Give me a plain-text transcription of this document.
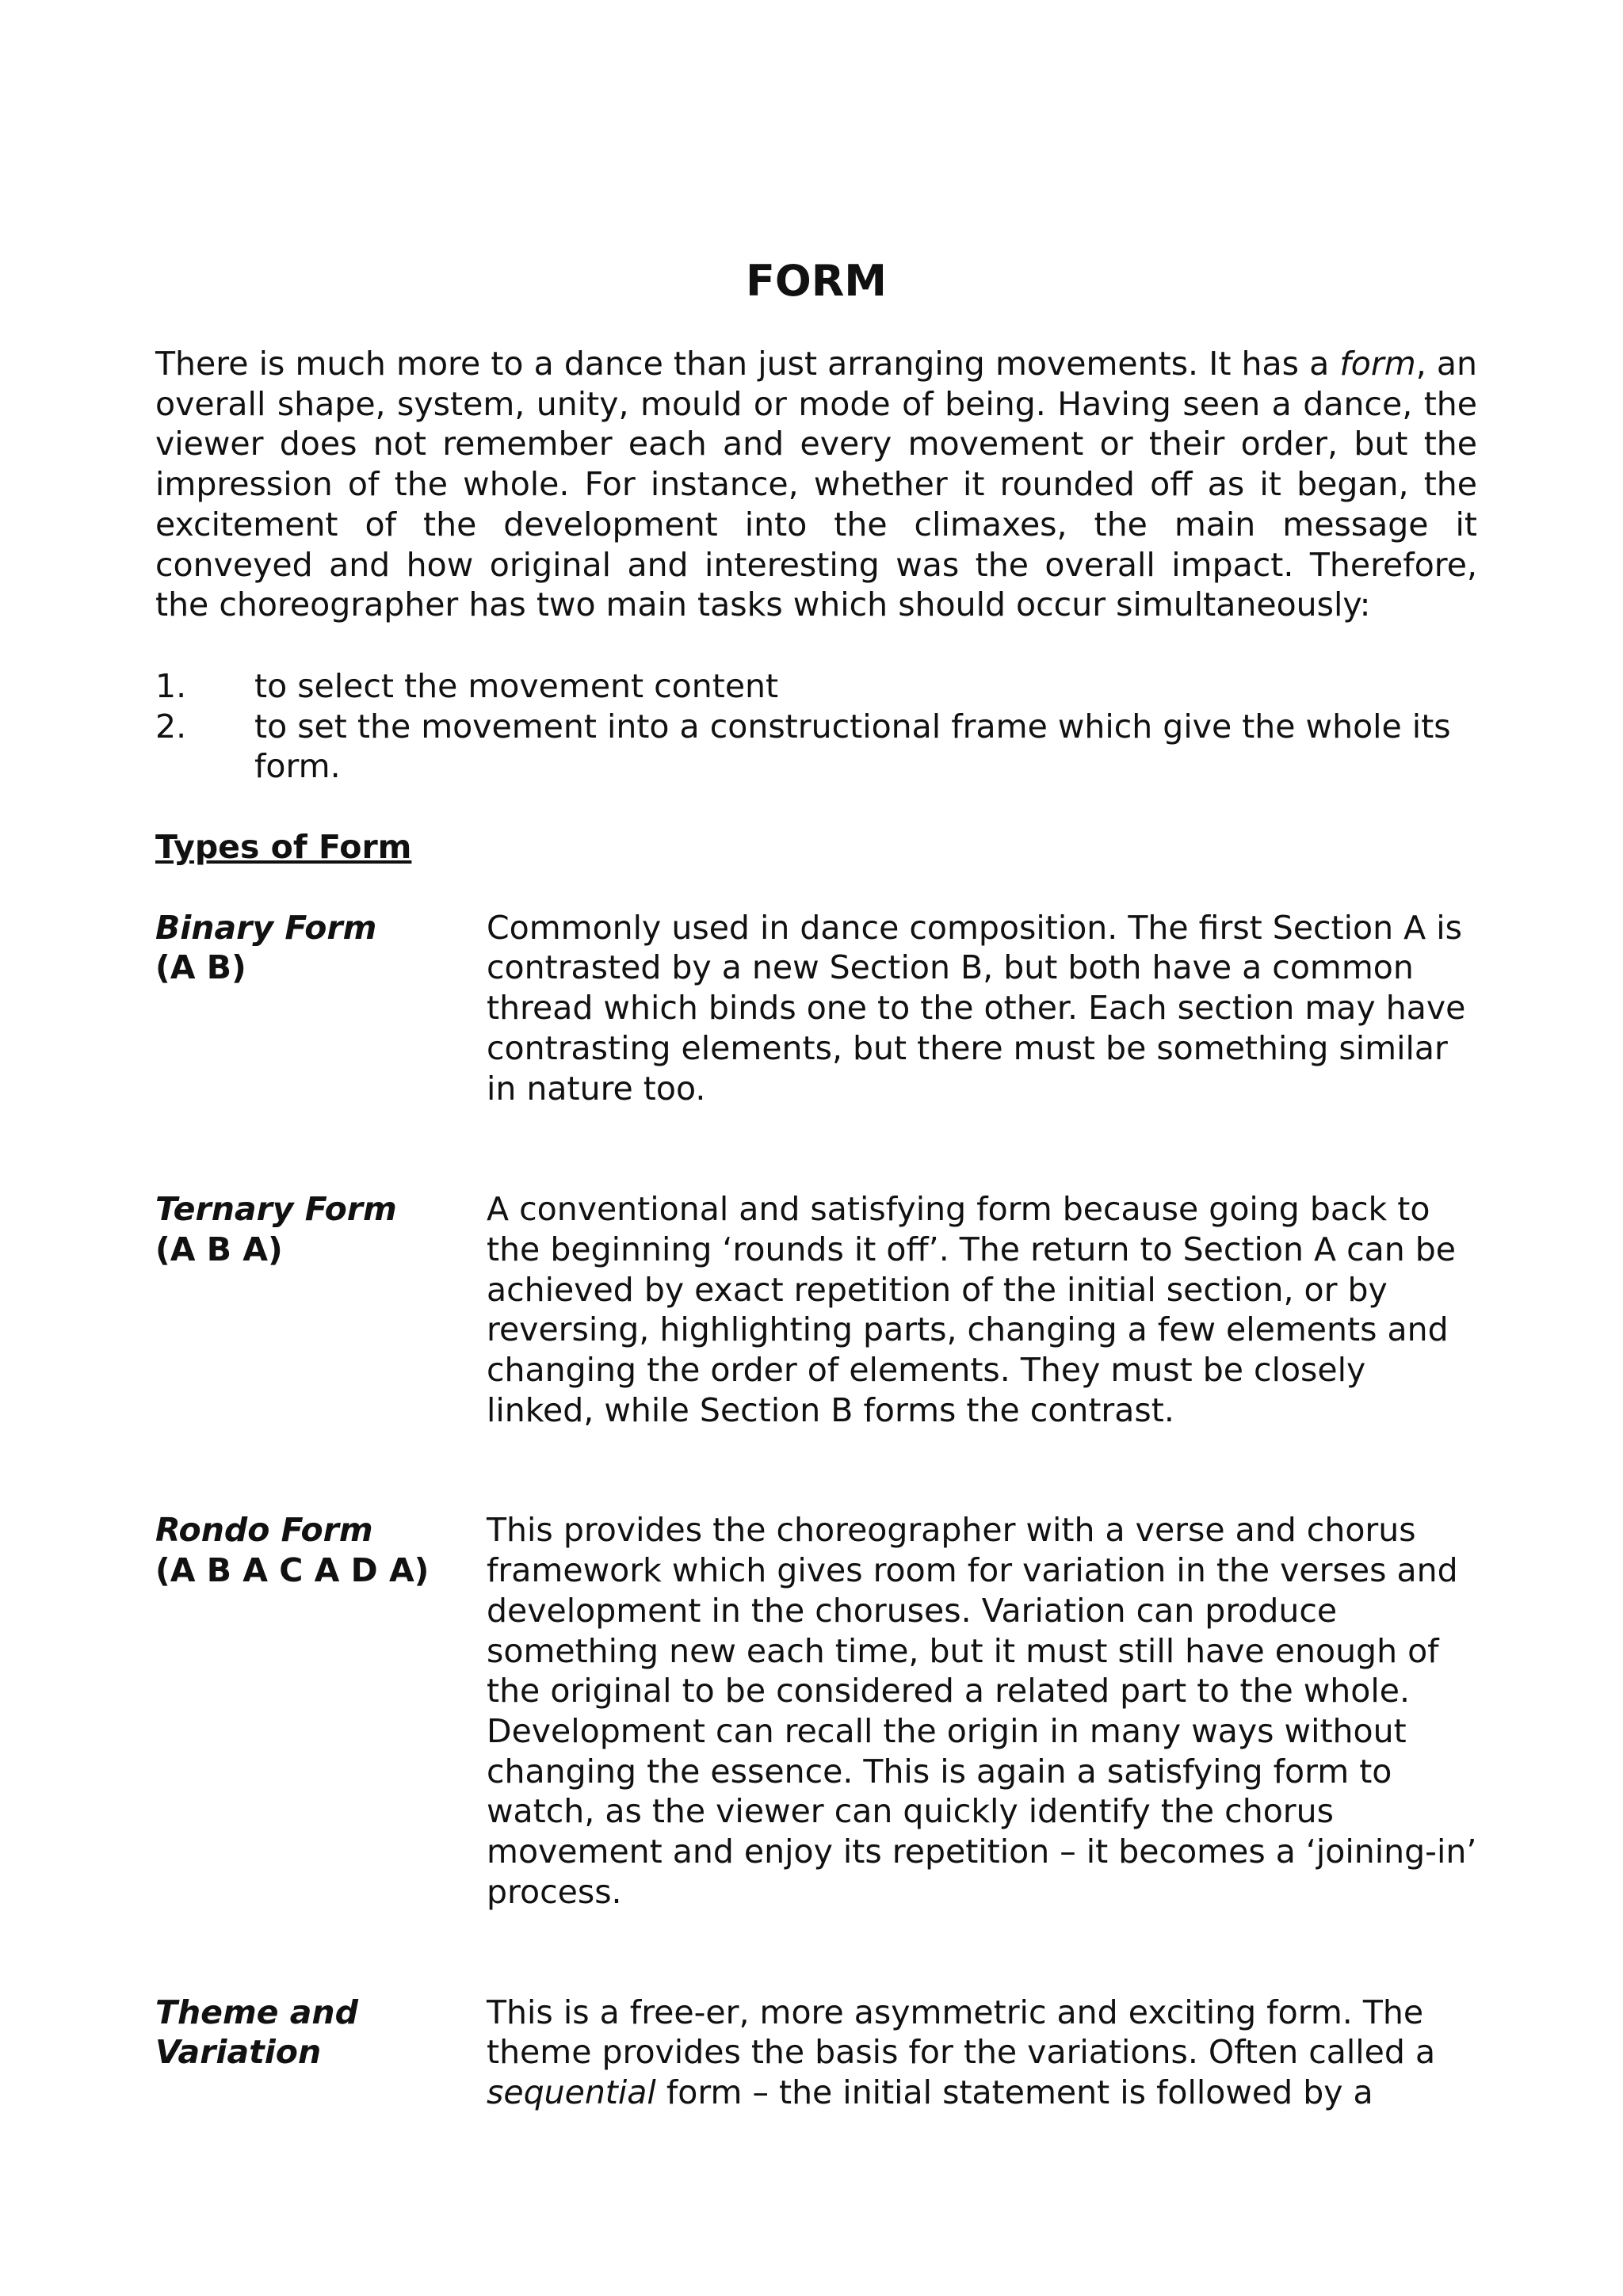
FORM

There is much more to a dance than just arranging movements. It has a form, an overall shape, system, unity, mould or mode of being. Having seen a dance, the viewer does not remember each and every movement or their order, but the impression of the whole. For instance, whether it rounded off as it began, the excitement of the development into the climaxes, the main message it conveyed and how original and interesting was the overall impact. Therefore, the choreographer has two main tasks which should occur simultaneously:

1. to select the movement content
2. to set the movement into a constructional frame which give the whole its form.
Types of Form
Binary Form
(A B)
Commonly used in dance composition. The first Section A is contrasted by a new Section B, but both have a common thread which binds one to the other. Each section may have contrasting elements, but there must be something similar in nature too.
Ternary Form
(A B A)
A conventional and satisfying form because going back to the beginning ‘rounds it off’. The return to Section A can be achieved by exact repetition of the initial section, or by reversing, highlighting parts, changing a few elements and changing the order of elements. They must be closely linked, while Section B forms the contrast.
Rondo Form
(A B A C A D A)
This provides the choreographer with a verse and chorus framework which gives room for variation in the verses and development in the choruses. Variation can produce something new each time, but it must still have enough of the original to be considered a related part to the whole. Development can recall the origin in many ways without changing the essence. This is again a satisfying form to watch, as the viewer can quickly identify the chorus movement and enjoy its repetition – it becomes a ‘joining-in’ process.
Theme and
Variation
This is a free-er, more asymmetric and exciting form. The theme provides the basis for the variations. Often called a sequential form – the initial statement is followed by a
